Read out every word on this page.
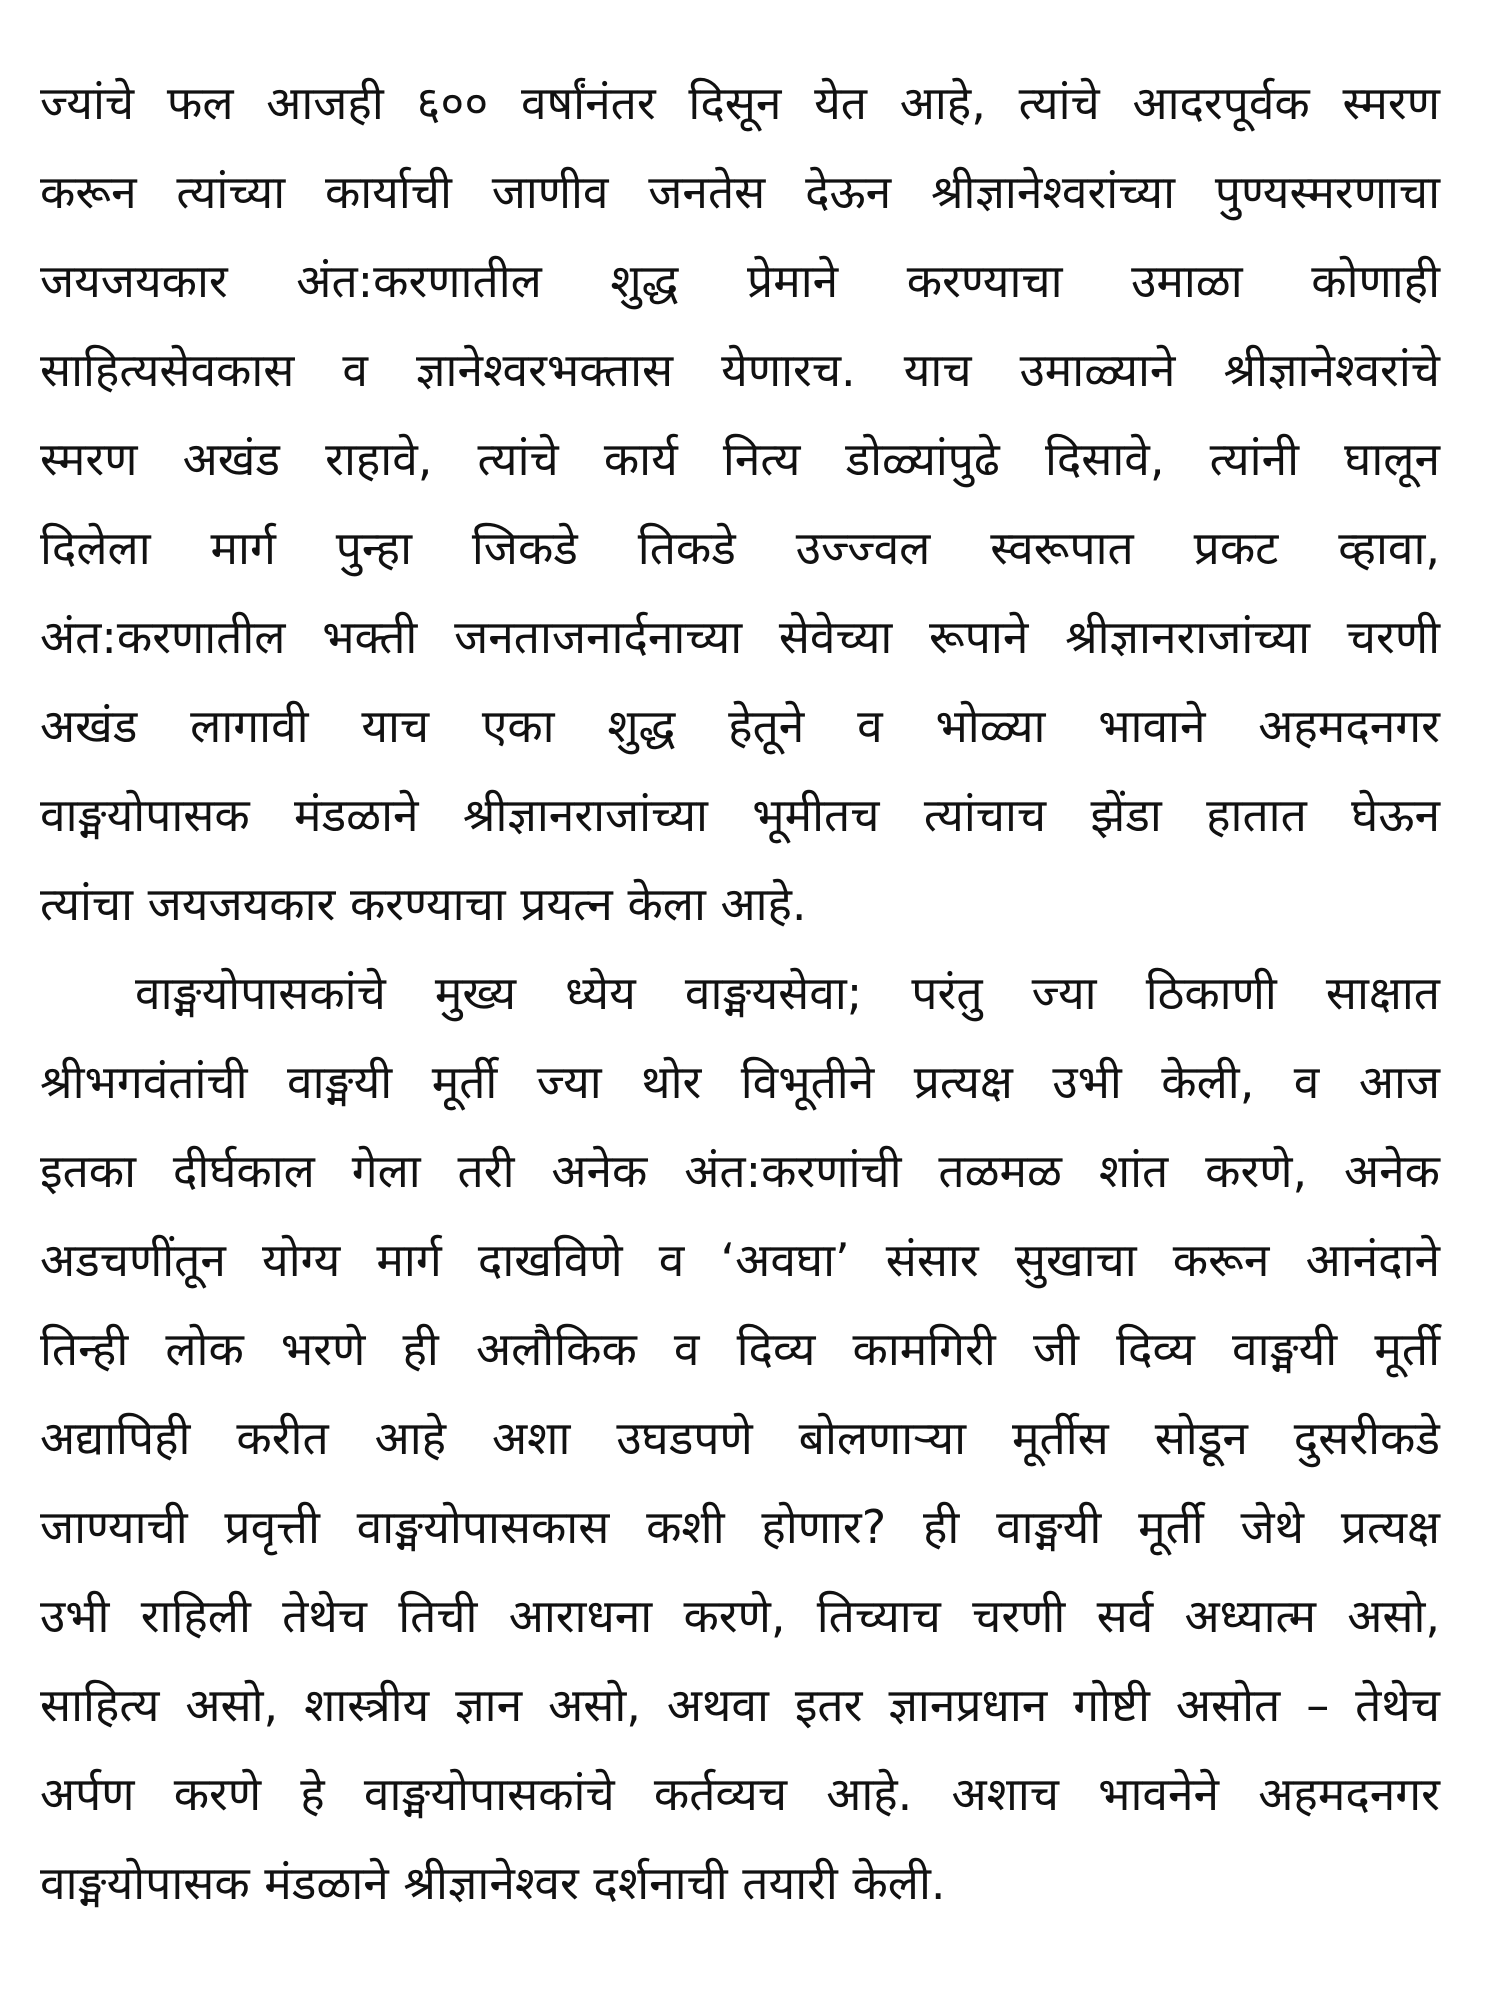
ज्यांचे फल आजही ६०० वर्षांनंतर दिसून येत आहे, त्यांचे आदरपूर्वक स्मरण
करून त्यांच्या कार्याची जाणीव जनतेस देऊन श्रीज्ञानेश्वरांच्या पुण्यस्मरणाचा
जयजयकार अंत:करणातील शुद्ध प्रेमाने करण्याचा उमाळा कोणाही
साहित्यसेवकास व ज्ञानेश्वरभक्तास येणारच. याच उमाळ्याने श्रीज्ञानेश्वरांचे
स्मरण अखंड राहावे, त्यांचे कार्य नित्य डोळ्यांपुढे दिसावे, त्यांनी घालून
दिलेला मार्ग पुन्हा जिकडे तिकडे उज्ज्वल स्वरूपात प्रकट व्हावा,
अंत:करणातील भक्ती जनताजनार्दनाच्या सेवेच्या रूपाने श्रीज्ञानराजांच्या चरणी
अखंड लागावी याच एका शुद्ध हेतूने व भोळ्या भावाने अहमदनगर
वाङ्मयोपासक मंडळाने श्रीज्ञानराजांच्या भूमीतच त्यांचाच झेंडा हातात घेऊन
त्यांचा जयजयकार करण्याचा प्रयत्न केला आहे.
वाङ्मयोपासकांचे मुख्य ध्येय वाङ्मयसेवा; परंतु ज्या ठिकाणी साक्षात
श्रीभगवंतांची वाङ्मयी मूर्ती ज्या थोर विभूतीने प्रत्यक्ष उभी केली, व आज
इतका दीर्घकाल गेला तरी अनेक अंत:करणांची तळमळ शांत करणे, अनेक
अडचणींतून योग्य मार्ग दाखविणे व ‘अवघा’ संसार सुखाचा करून आनंदाने
तिन्ही लोक भरणे ही अलौकिक व दिव्य कामगिरी जी दिव्य वाङ्मयी मूर्ती
अद्यापिही करीत आहे अशा उघडपणे बोलणाऱ्या मूर्तीस सोडून दुसरीकडे
जाण्याची प्रवृत्ती वाङ्मयोपासकास कशी होणार? ही वाङ्मयी मूर्ती जेथे प्रत्यक्ष
उभी राहिली तेथेच तिची आराधना करणे, तिच्याच चरणी सर्व अध्यात्म असो,
साहित्य असो, शास्त्रीय ज्ञान असो, अथवा इतर ज्ञानप्रधान गोष्टी असोत – तेथेच
अर्पण करणे हे वाङ्मयोपासकांचे कर्तव्यच आहे. अशाच भावनेने अहमदनगर
वाङ्मयोपासक मंडळाने श्रीज्ञानेश्वर दर्शनाची तयारी केली.
